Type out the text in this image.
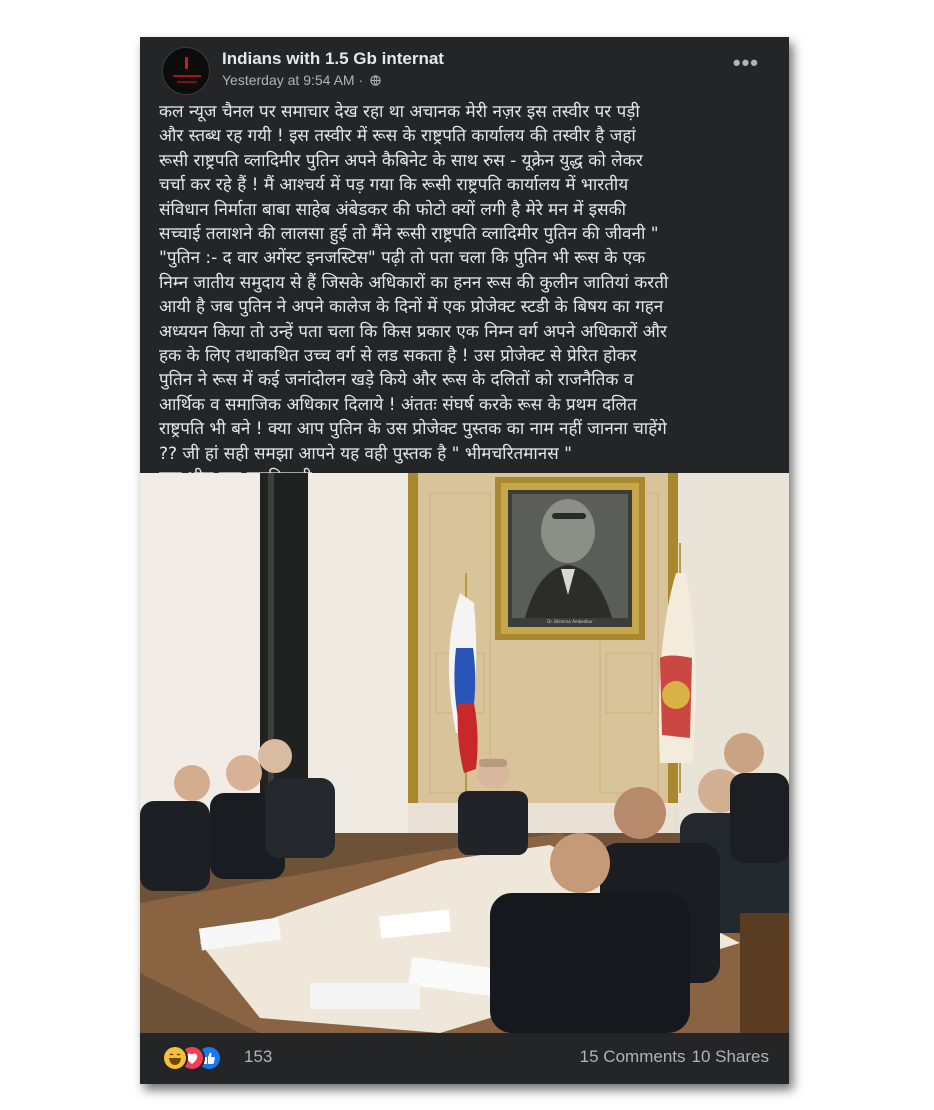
Indians with 1.5 Gb internat
Yesterday at 9:54 AM ·
•••
कल न्यूज चैनल पर समाचार देख रहा था अचानक मेरी नज़र इस तस्वीर पर पड़ी
और स्तब्ध रह गयी ! इस तस्वीर में रूस के राष्ट्रपति कार्यालय की तस्वीर है जहां
रूसी राष्ट्रपति व्लादिमीर पुतिन अपने कैबिनेट के साथ रुस - यूक्रेन युद्ध को लेकर
चर्चा कर रहे हैं ! मैं आश्चर्य में पड़ गया कि रूसी राष्ट्रपति कार्यालय में भारतीय
संविधान निर्माता बाबा साहेब अंबेडकर की फोटो क्यों लगी है मेरे मन में इसकी
सच्चाई तलाशने की लालसा हुई तो मैंने रूसी राष्ट्रपति व्लादिमीर पुतिन की जीवनी "
"पुतिन :- द वार अगेंस्ट इनजस्टिस" पढ़ी तो पता चला कि पुतिन भी रूस के एक
निम्न जातीय समुदाय से हैं जिसके अधिकारों का हनन रूस की कुलीन जातियां करती
आयी है जब पुतिन ने अपने कालेज के दिनों में एक प्रोजेक्ट स्टडी के बिषय का गहन
अध्ययन किया तो उन्हें पता चला कि किस प्रकार एक निम्न वर्ग अपने अधिकारों और
हक के लिए तथाकथित उच्च वर्ग से लड सकता है ! उस प्रोजेक्ट से प्रेरित होकर
पुतिन ने रूस में कई जनांदोलन खड़े किये और रूस के दलितों को राजनैतिक व
आर्थिक व समाजिक अधिकार दिलाये ! अंततः संघर्ष करके रूस के प्रथम दलित
राष्ट्रपति भी बने ! क्या आप पुतिन के उस प्रोजेक्ट पुस्तक का नाम नहीं जानना चाहेंगे
?? जी हां सही समझा आपने यह वही पुस्तक है " भीमचरितमानस "
Dr. Bhimrao Ambedkar
153	15 Comments 10 Shares
